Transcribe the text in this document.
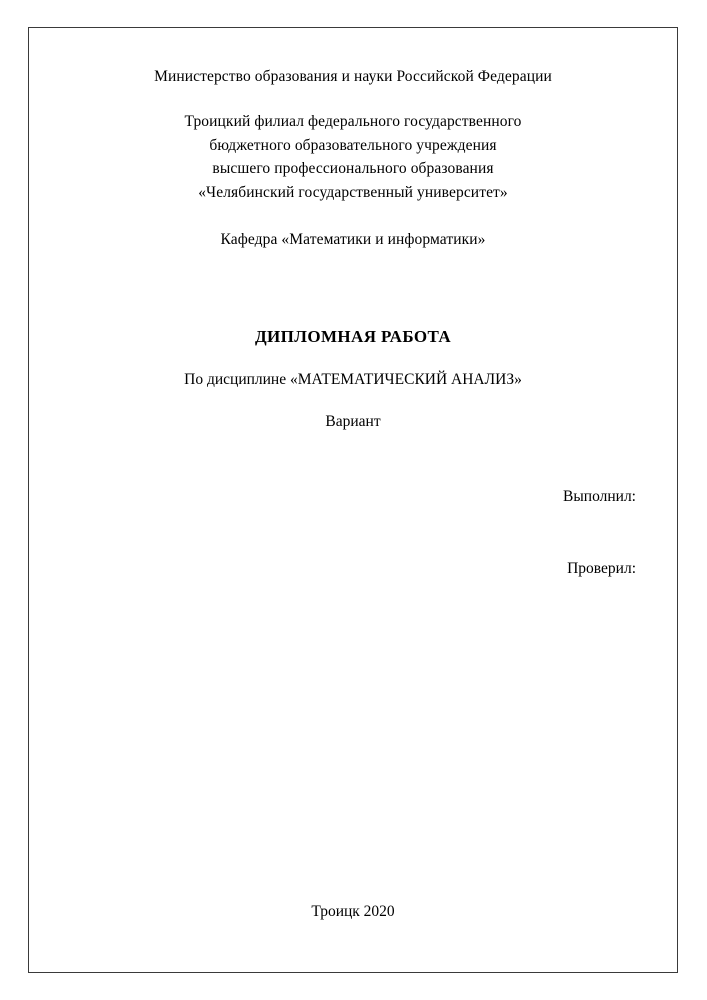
Министерство образования и науки Российской Федерации
Троицкий филиал федерального государственного
бюджетного образовательного учреждения
высшего профессионального образования
«Челябинский государственный университет»
Кафедра «Математики и информатики»
ДИПЛОМНАЯ РАБОТА
По дисциплине «МАТЕМАТИЧЕСКИЙ АНАЛИЗ»
Вариант
Выполнил:
Проверил:
Троицк 2020
